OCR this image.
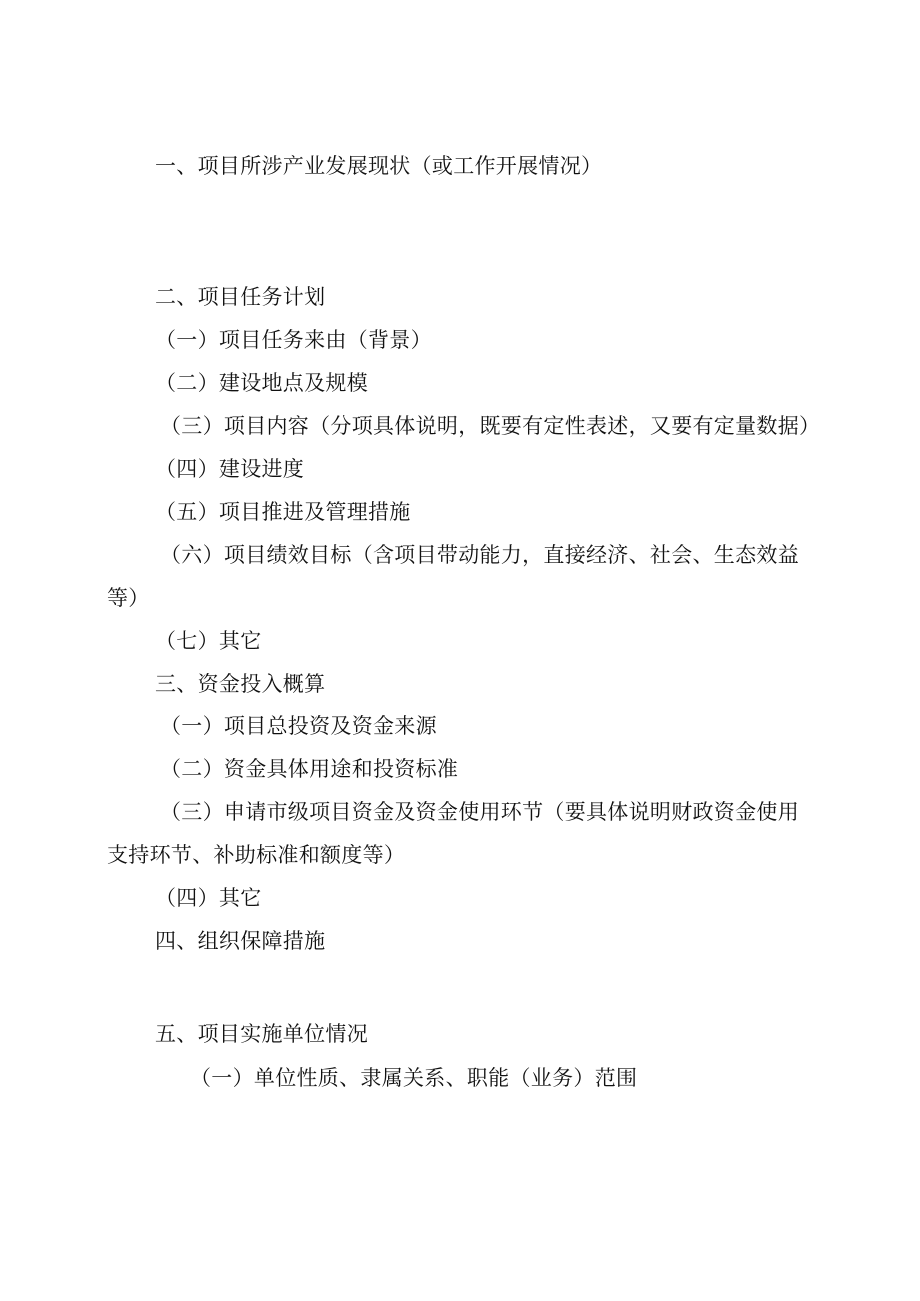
一、项目所涉产业发展现状（或工作开展情况）

二、项目任务计划

（一）项目任务来由（背景）

（二）建设地点及规模

（三）项目内容（分项具体说明，既要有定性表述，又要有定量数据）

（四）建设进度

（五）项目推进及管理措施

（六）项目绩效目标（含项目带动能力，直接经济、社会、生态效益

等）

（七）其它

三、资金投入概算

（一）项目总投资及资金来源

（二）资金具体用途和投资标准

（三）申请市级项目资金及资金使用环节（要具体说明财政资金使用

支持环节、补助标准和额度等）

（四）其它

四、组织保障措施

五、项目实施单位情况

（一）单位性质、隶属关系、职能（业务）范围
